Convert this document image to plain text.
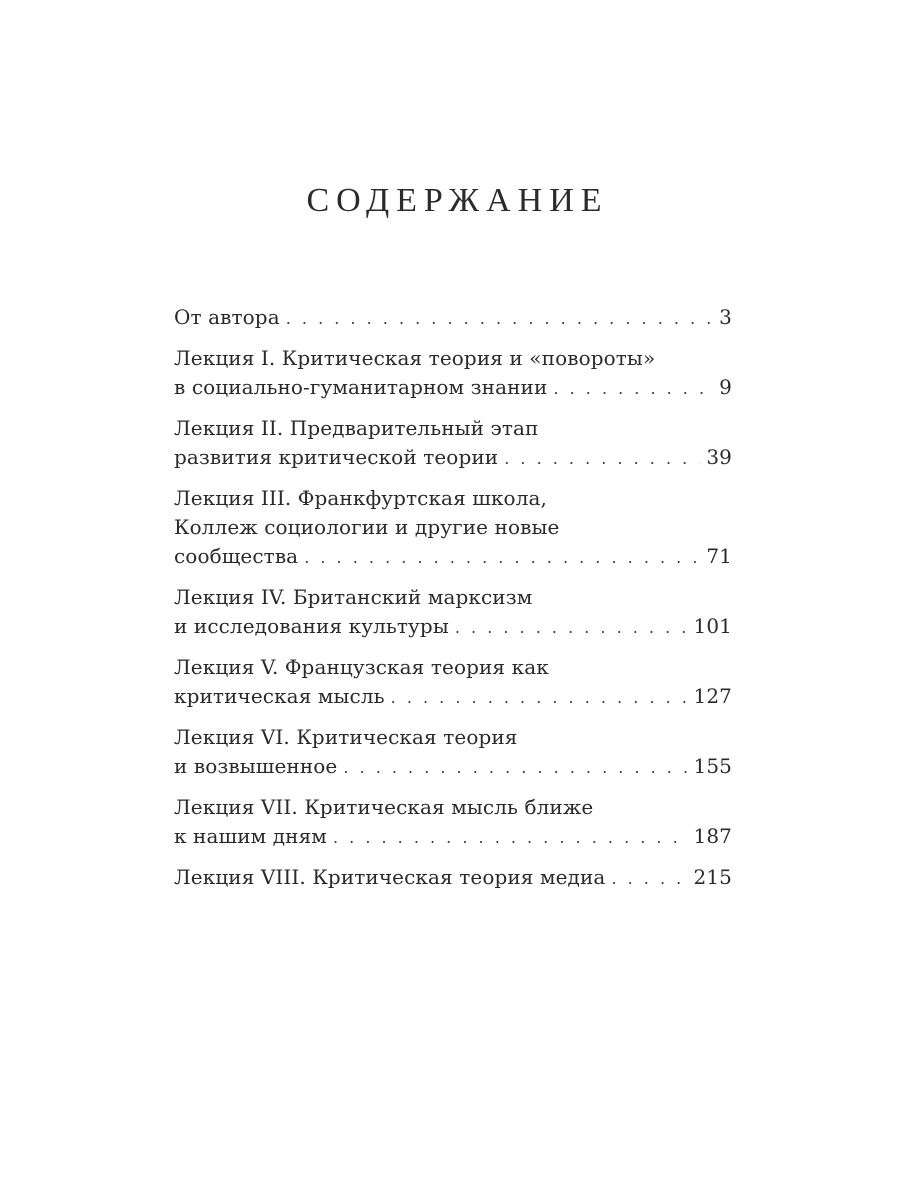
СОДЕРЖАНИЕ
От автора . . .	3
Лекция I. Критическая теория и «повороты»
в социально-гуманитарном знании . . .	9
Лекция II. Предварительный этап
развития критической теории . . .	39
Лекция III. Франкфуртская школа,
Коллеж социологии и другие новые
сообщества . . .	71
Лекция IV. Британский марксизм
и исследования культуры . . .	101
Лекция V. Французская теория как
критическая мысль . . .	127
Лекция VI. Критическая теория
и возвышенное . . .	155
Лекция VII. Критическая мысль ближе
к нашим дням . . .	187
Лекция VIII. Критическая теория медиа . . .	215
